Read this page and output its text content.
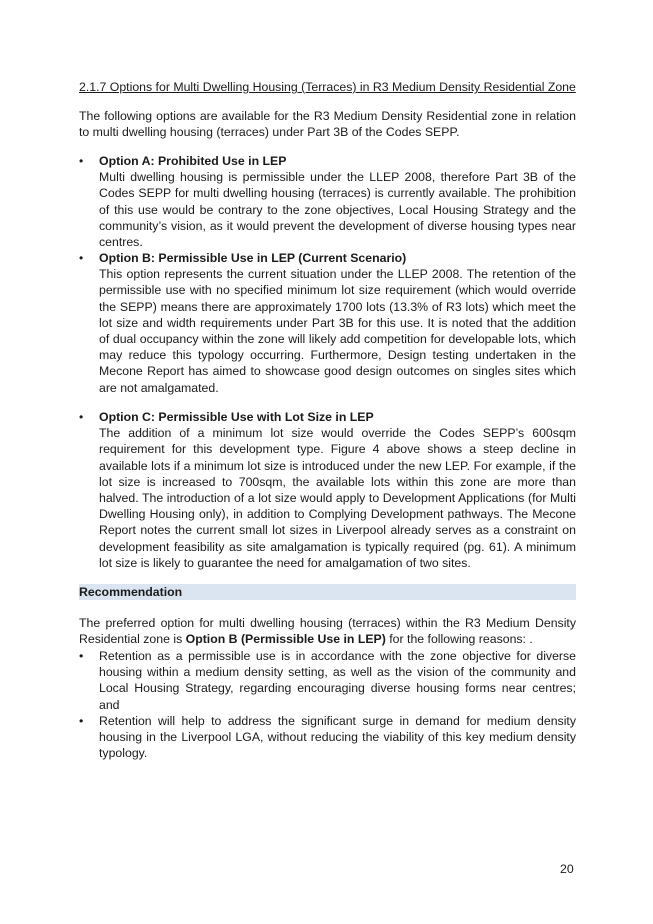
2.1.7 Options for Multi Dwelling Housing (Terraces) in R3 Medium Density Residential Zone
The following options are available for the R3 Medium Density Residential zone in relation to multi dwelling housing (terraces) under Part 3B of the Codes SEPP.
•	Option A: Prohibited Use in LEP
Multi dwelling housing is permissible under the LLEP 2008, therefore Part 3B of the Codes SEPP for multi dwelling housing (terraces) is currently available. The prohibition of this use would be contrary to the zone objectives, Local Housing Strategy and the community’s vision, as it would prevent the development of diverse housing types near centres.
•	Option B: Permissible Use in LEP (Current Scenario)
This option represents the current situation under the LLEP 2008. The retention of the permissible use with no specified minimum lot size requirement (which would override the SEPP) means there are approximately 1700 lots (13.3% of R3 lots) which meet the lot size and width requirements under Part 3B for this use. It is noted that the addition of dual occupancy within the zone will likely add competition for developable lots, which may reduce this typology occurring. Furthermore, Design testing undertaken in the Mecone Report has aimed to showcase good design outcomes on singles sites which are not amalgamated.
•	Option C: Permissible Use with Lot Size in LEP
The addition of a minimum lot size would override the Codes SEPP’s 600sqm requirement for this development type. Figure 4 above shows a steep decline in available lots if a minimum lot size is introduced under the new LEP. For example, if the lot size is increased to 700sqm, the available lots within this zone are more than halved. The introduction of a lot size would apply to Development Applications (for Multi Dwelling Housing only), in addition to Complying Development pathways. The Mecone Report notes the current small lot sizes in Liverpool already serves as a constraint on development feasibility as site amalgamation is typically required (pg. 61). A minimum lot size is likely to guarantee the need for amalgamation of two sites.
Recommendation
The preferred option for multi dwelling housing (terraces) within the R3 Medium Density Residential zone is Option B (Permissible Use in LEP) for the following reasons: .
• Retention as a permissible use is in accordance with the zone objective for diverse housing within a medium density setting, as well as the vision of the community and Local Housing Strategy, regarding encouraging diverse housing forms near centres; and
• Retention will help to address the significant surge in demand for medium density housing in the Liverpool LGA, without reducing the viability of this key medium density typology.
20
